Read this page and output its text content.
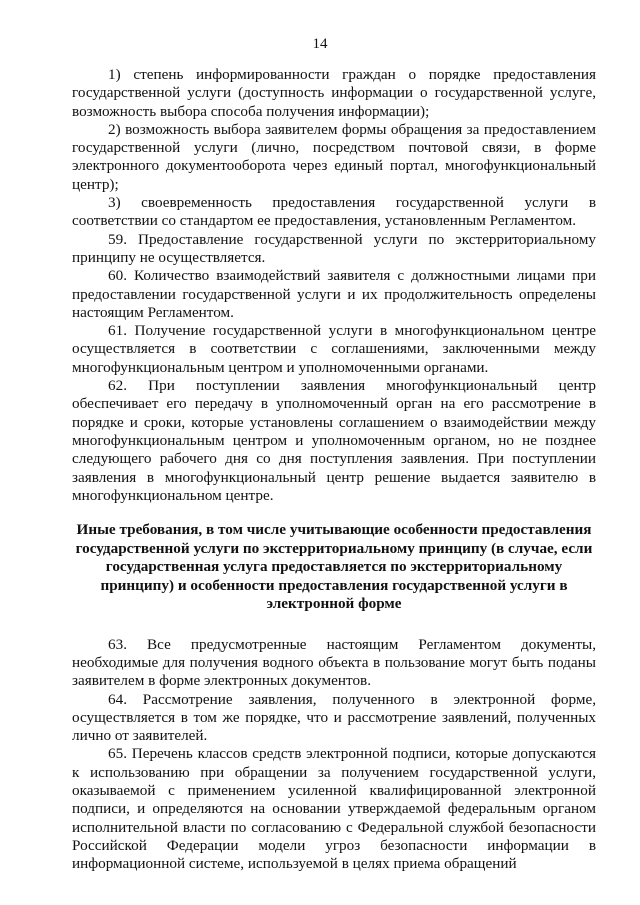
14

1) степень информированности граждан о порядке предоставления государственной услуги (доступность информации о государственной услуге, возможность выбора способа получения информации);

2) возможность выбора заявителем формы обращения за предоставлением государственной услуги (лично, посредством почтовой связи, в форме электронного документооборота через единый портал, многофункциональный центр);

3) своевременность предоставления государственной услуги в соответствии со стандартом ее предоставления, установленным Регламентом.

59. Предоставление государственной услуги по экстерриториальному принципу не осуществляется.

60. Количество взаимодействий заявителя с должностными лицами при предоставлении государственной услуги и их продолжительность определены настоящим Регламентом.

61. Получение государственной услуги в многофункциональном центре осуществляется в соответствии с соглашениями, заключенными между многофункциональным центром и уполномоченными органами.

62. При поступлении заявления многофункциональный центр обеспечивает его передачу в уполномоченный орган на его рассмотрение в порядке и сроки, которые установлены соглашением о взаимодействии между многофункциональным центром и уполномоченным органом, но не позднее следующего рабочего дня со дня поступления заявления. При поступлении заявления в многофункциональный центр решение выдается заявителю в многофункциональном центре.

Иные требования, в том числе учитывающие особенности предоставления государственной услуги по экстерриториальному принципу (в случае, если государственная услуга предоставляется по экстерриториальному принципу) и особенности предоставления государственной услуги в электронной форме

63. Все предусмотренные настоящим Регламентом документы, необходимые для получения водного объекта в пользование могут быть поданы заявителем в форме электронных документов.

64. Рассмотрение заявления, полученного в электронной форме, осуществляется в том же порядке, что и рассмотрение заявлений, полученных лично от заявителей.

65. Перечень классов средств электронной подписи, которые допускаются к использованию при обращении за получением государственной услуги, оказываемой с применением усиленной квалифицированной электронной подписи, и определяются на основании утверждаемой федеральным органом исполнительной власти по согласованию с Федеральной службой безопасности Российской Федерации модели угроз безопасности информации в информационной системе, используемой в целях приема обращений
